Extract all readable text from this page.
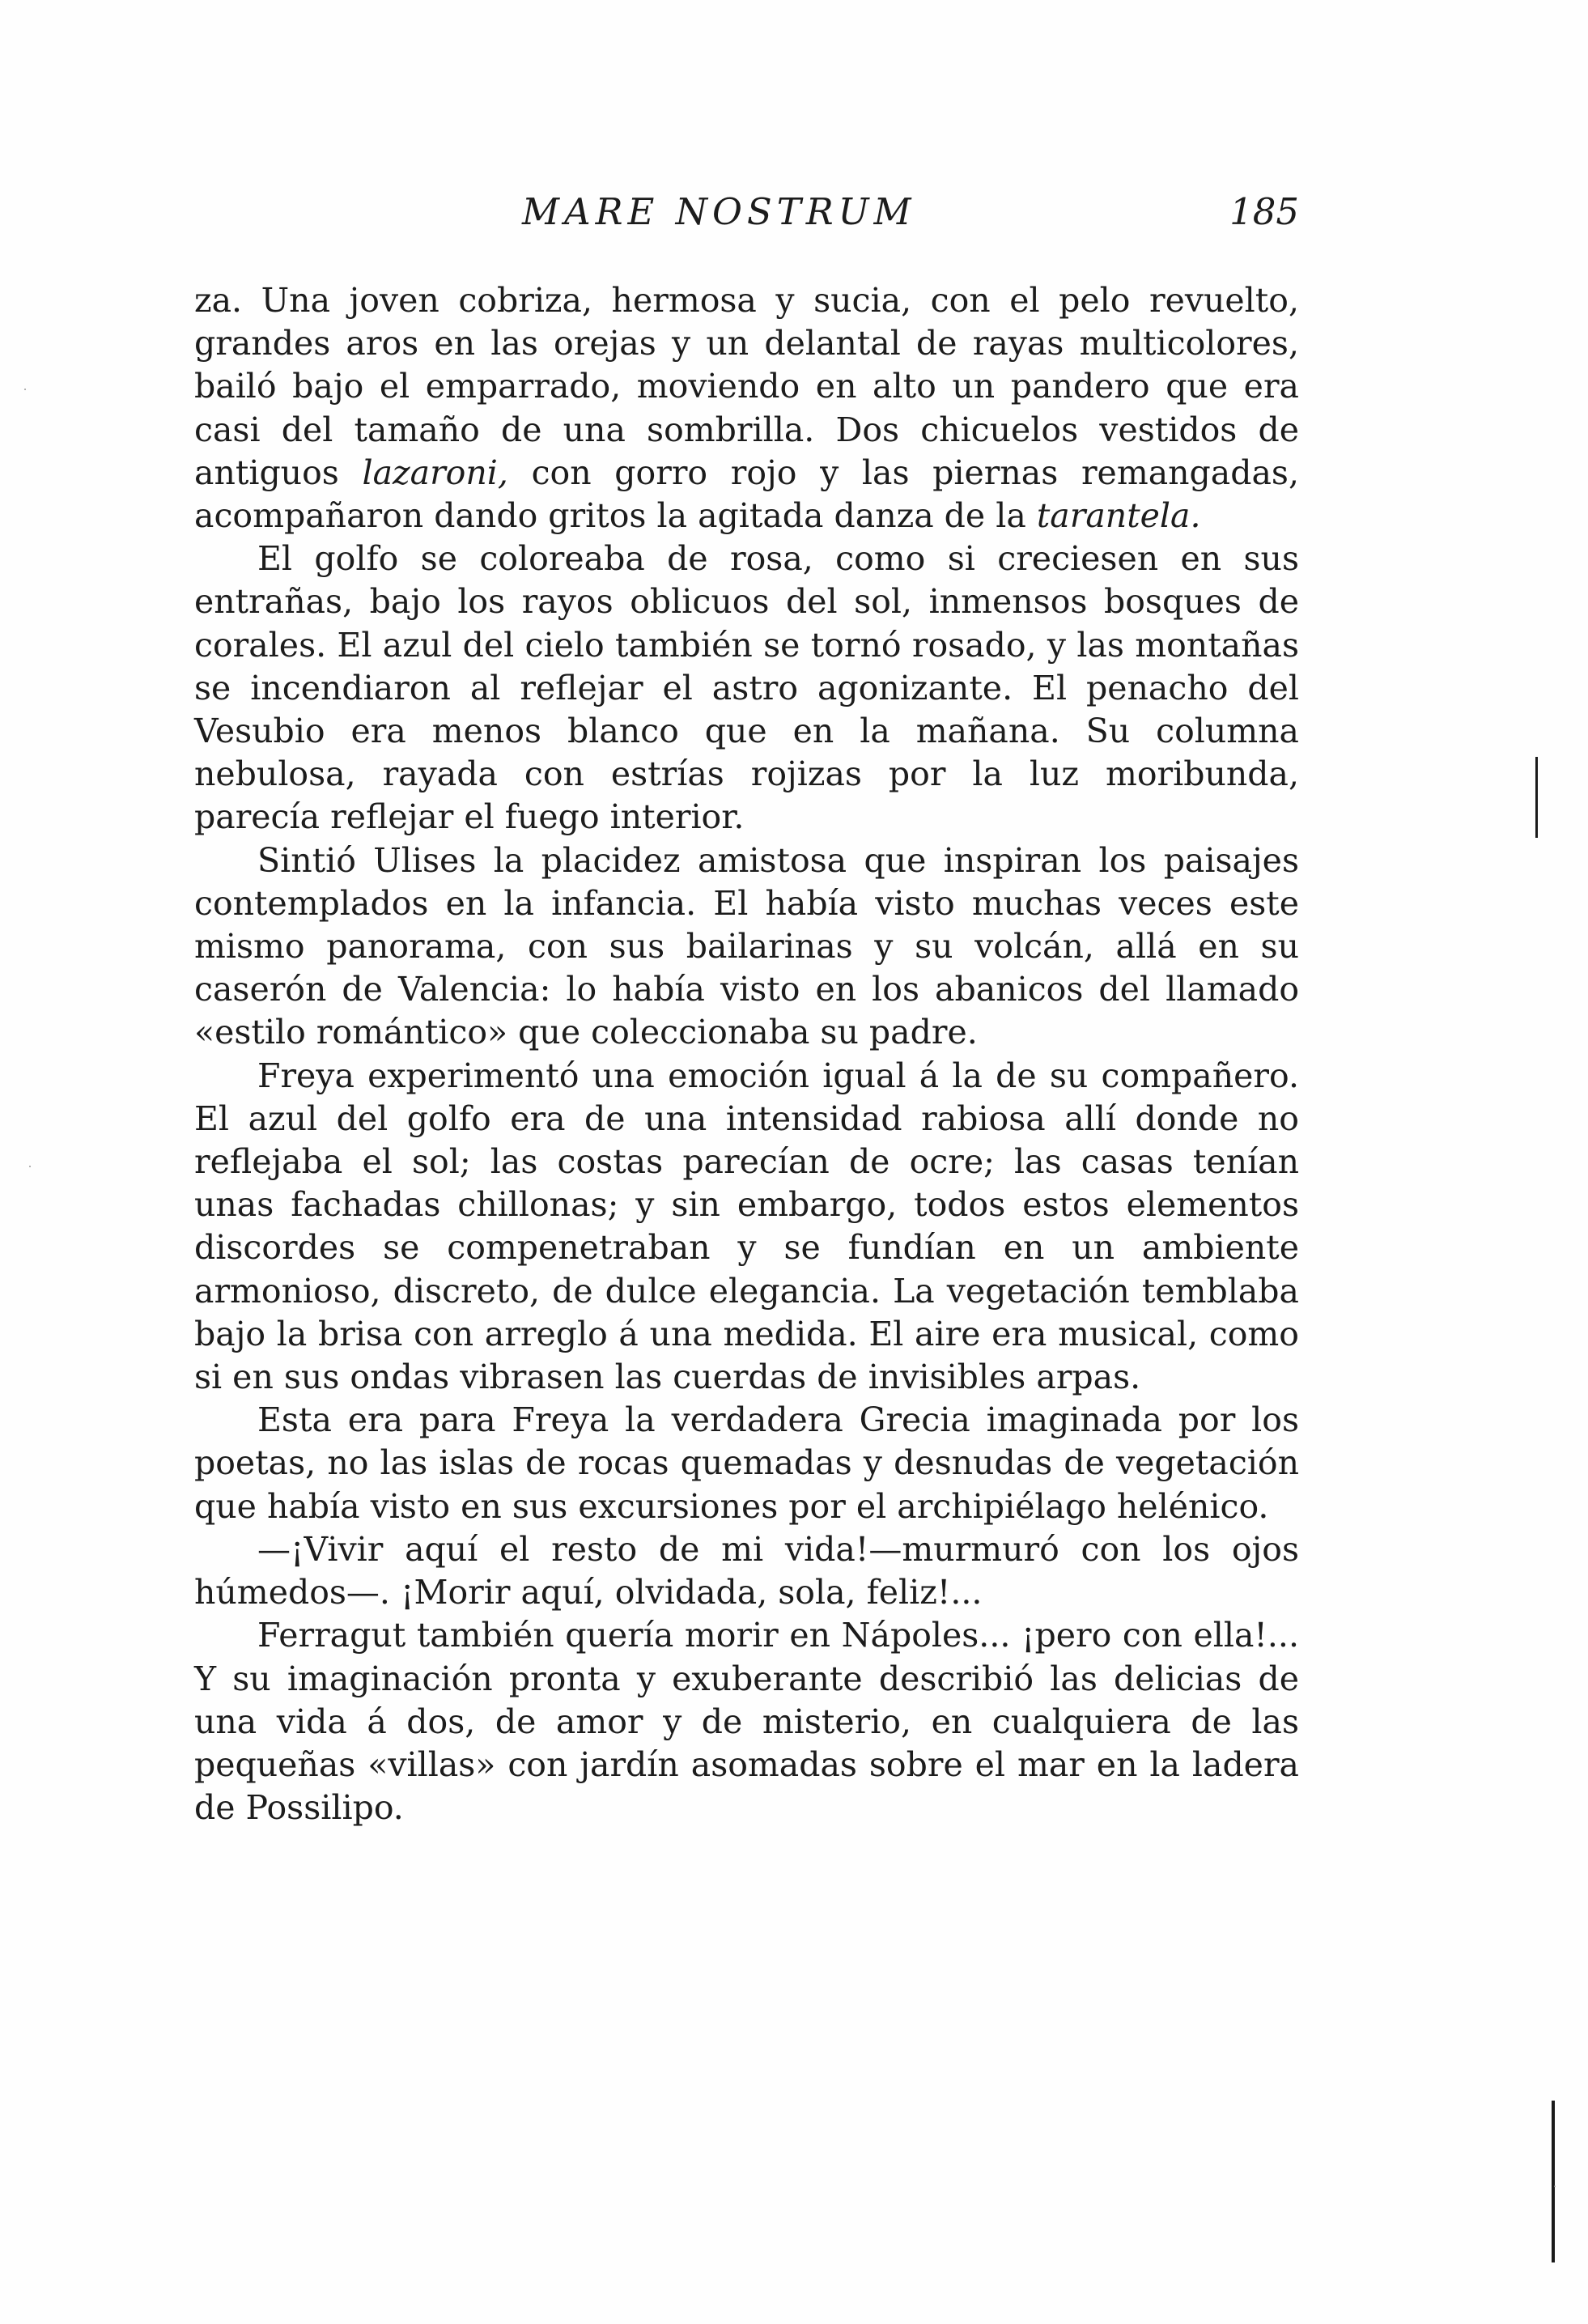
MARE NOSTRUM	185

za. Una joven cobriza, hermosa y sucia, con el pelo revuelto, grandes aros en las orejas y un delantal de rayas multicolores, bailó bajo el emparrado, moviendo en alto un pandero que era casi del tamaño de una sombrilla. Dos chicuelos vestidos de antiguos lazaroni, con gorro rojo y las piernas remangadas, acompañaron dando gritos la agitada danza de la tarantela.

El golfo se coloreaba de rosa, como si creciesen en sus entrañas, bajo los rayos oblicuos del sol, inmensos bosques de corales. El azul del cielo también se tornó rosado, y las montañas se incendiaron al reflejar el astro agonizante. El penacho del Vesubio era menos blanco que en la mañana. Su columna nebulosa, rayada con estrías rojizas por la luz moribunda, parecía reflejar el fuego interior.

Sintió Ulises la placidez amistosa que inspiran los paisajes contemplados en la infancia. El había visto muchas veces este mismo panorama, con sus bailarinas y su volcán, allá en su caserón de Valencia: lo había visto en los abanicos del llamado «estilo romántico» que coleccionaba su padre.

Freya experimentó una emoción igual á la de su compañero. El azul del golfo era de una intensidad rabiosa allí donde no reflejaba el sol; las costas parecían de ocre; las casas tenían unas fachadas chillonas; y sin embargo, todos estos elementos discordes se compenetraban y se fundían en un ambiente armonioso, discreto, de dulce elegancia. La vegetación temblaba bajo la brisa con arreglo á una medida. El aire era musical, como si en sus ondas vibrasen las cuerdas de invisibles arpas.

Esta era para Freya la verdadera Grecia imaginada por los poetas, no las islas de rocas quemadas y desnudas de vegetación que había visto en sus excursiones por el archipiélago helénico.

—¡Vivir aquí el resto de mi vida!—murmuró con los ojos húmedos—. ¡Morir aquí, olvidada, sola, feliz!...

Ferragut también quería morir en Nápoles... ¡pero con ella!... Y su imaginación pronta y exuberante describió las delicias de una vida á dos, de amor y de misterio, en cualquiera de las pequeñas «villas» con jardín asomadas sobre el mar en la ladera de Possilipo.
